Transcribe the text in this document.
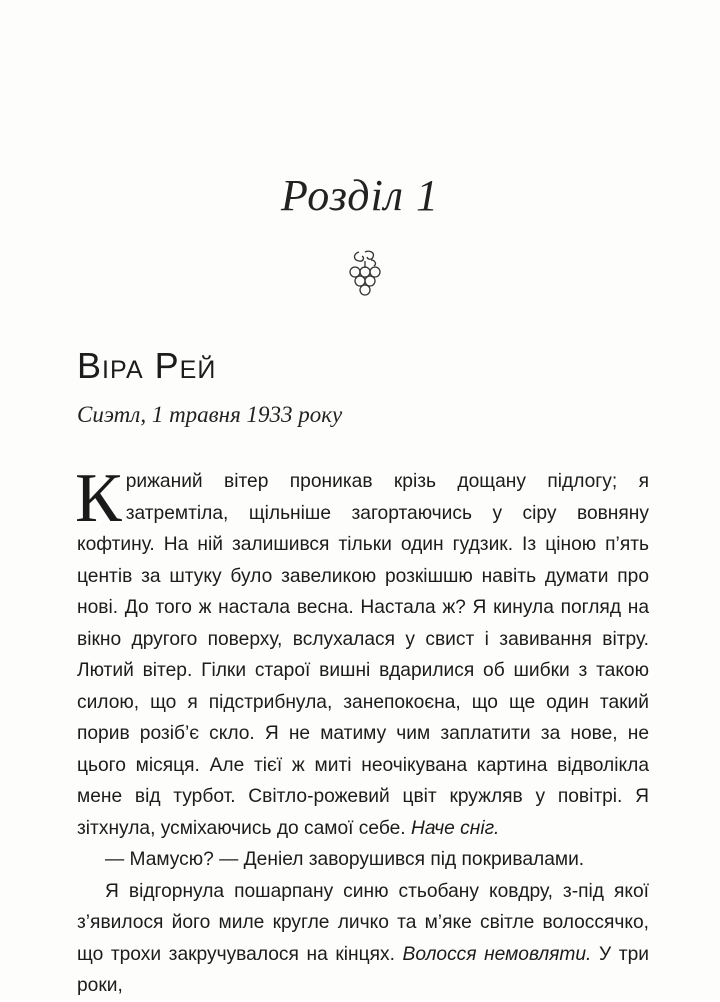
Розділ 1
Віра Рей
Сиэтл, 1 травня 1933 року

Крижаний вітер проникав крізь дощану підлогу; я затремтіла, щільніше загортаючись у сіру вовняну кофтину. На ній залишився тільки один гудзик. Із ціною п’ять центів за штуку було завеликою розкішшю навіть думати про нові. До того ж настала весна. Настала ж? Я кинула погляд на вікно другого поверху, вслухалася у свист і завивання вітру. Лютий вітер. Гілки старої вишні вдарилися об шибки з такою силою, що я підстрибнула, занепокоєна, що ще один такий порив розіб’є скло. Я не матиму чим заплатити за нове, не цього місяця. Але тієї ж миті неочікувана картина відволікла мене від турбот. Світло-рожевий цвіт кружляв у повітрі. Я зітхнула, усміхаючись до самої себе. Наче сніг.

— Мамусю? — Деніел заворушився під покривалами.

Я відгорнула пошарпану синю стьобану ковдру, з-під якої з’явилося його миле кругле личко та м’яке світле волоссячко, що трохи закручувалося на кінцях. Волосся немовляти. У три роки,
